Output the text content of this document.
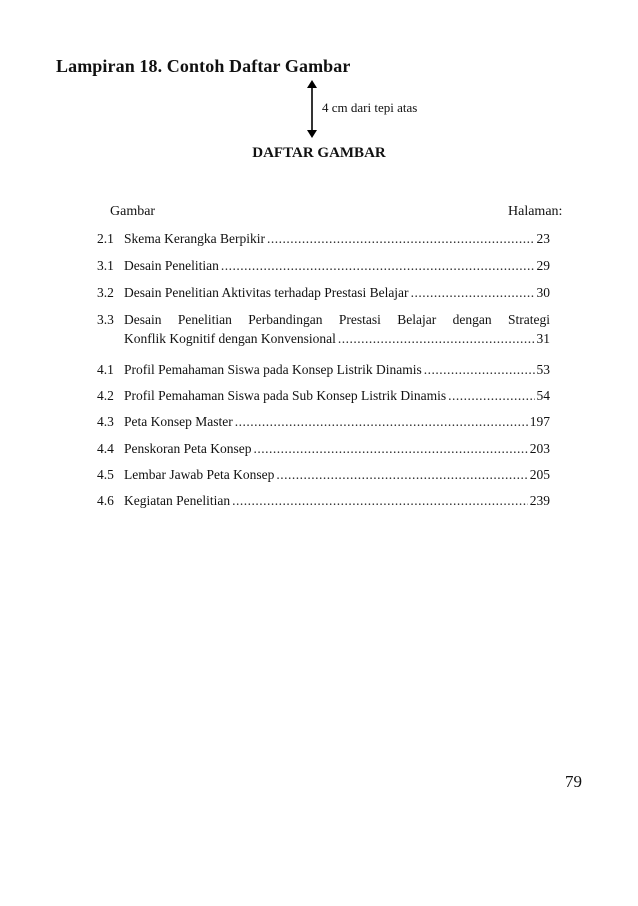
Lampiran 18. Contoh Daftar Gambar
4 cm dari tepi atas
DAFTAR GAMBAR
Gambar	Halaman:
2.1 Skema Kerangka Berpikir .....	23
3.1 Desain Penelitian .....	29
3.2 Desain Penelitian Aktivitas terhadap Prestasi Belajar .....	30
3.3 Desain Penelitian Perbandingan Prestasi Belajar dengan Strategi
Konflik Kognitif dengan Konvensional .....	31
4.1 Profil Pemahaman Siswa pada Konsep Listrik Dinamis .....	53
4.2 Profil Pemahaman Siswa pada Sub Konsep Listrik Dinamis .....	54
4.3 Peta Konsep Master .....	197
4.4 Penskoran Peta Konsep .....	203
4.5 Lembar Jawab Peta Konsep .....	205
4.6 Kegiatan Penelitian .....	239
79
